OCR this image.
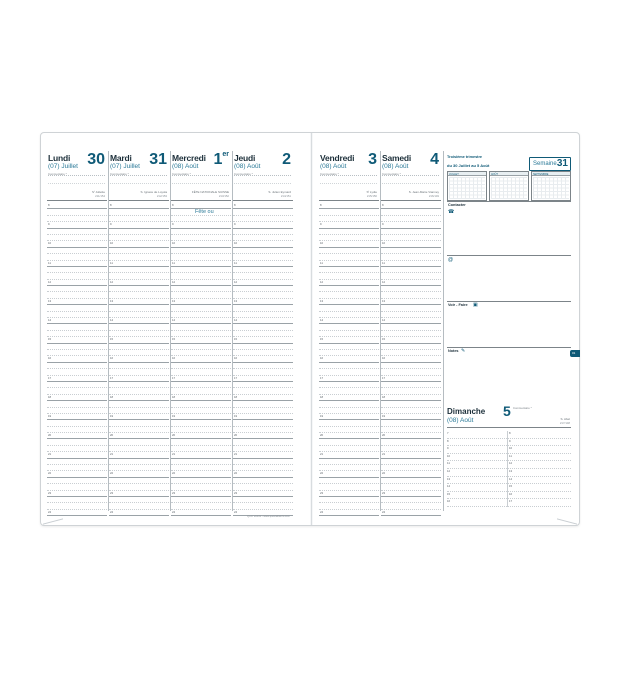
Lundi 30
(07) Juillet
Commentaire *
Sᵗ Juliette
211/154
8
9
10
11
12
13
14
15
16
17
18
19
20
21
22
23
24
Mardi 31
(07) Juillet
Commentaire *
S. Ignace de Loyola
212/153
8
9
10
11
12
13
14
15
16
17
18
19
20
21
22
23
24
Mercredi 1er
(08) Août
Commentaire *
FÊTE NATIONALE SUISSE
213/152
8
9
10
11
12
13
14
15
16
17
18
19
20
21
22
23
24
Jeudi 2
(08) Août
Commentaire *
S. Julien Eymard
214/151
8
9
10
11
12
13
14
15
16
17
18
19
20
21
22
23
24
Vendredi 3
(08) Août
Commentaire *
Sᵗ Lydie
215/150
8
9
10
11
12
13
14
15
16
17
18
19
20
21
22
23
24
Samedi 4
(08) Août
Commentaire *
S. Jean-Marie Vianney
216/149
8
9
10
11
12
13
14
15
16
17
18
19
20
21
22
23
24
Fête ou
Troisième trimestre
du 30 Juillet au 5 Août	Semaine 31
JUILLET	AOÛT	SEPTEMBRE
Contacter
☎
@
Voir - Faire ▣
Notes ✎	01
Dimanche 5 Commentaire *
(08) Août	S. Abel
217/148
7	8
8	9
9	10
10	11
11	12
12	13
13	14
14	15
15	16
16	17
QUO VADIS - www.quovadisinfo.com
